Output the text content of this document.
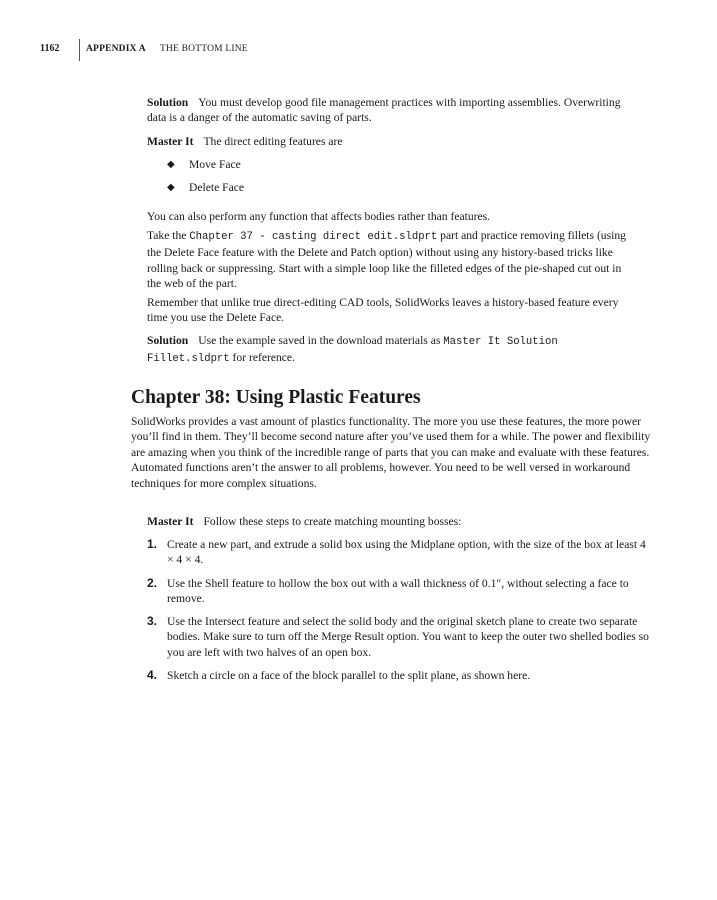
1162	APPENDIX A THE BOTTOM LINE

Solution You must develop good file management practices with importing assemblies. Overwriting data is a danger of the automatic saving of parts.

Master It The direct editing features are

◆ Move Face
◆ Delete Face

You can also perform any function that affects bodies rather than features.

Take the Chapter 37 - casting direct edit.sldprt part and practice removing fillets (using the Delete Face feature with the Delete and Patch option) without using any history-based tricks like rolling back or suppressing. Start with a simple loop like the filleted edges of the pie-shaped cut out in the web of the part.

Remember that unlike true direct-editing CAD tools, SolidWorks leaves a history-based feature every time you use the Delete Face.

Solution Use the example saved in the download materials as Master It Solution
Fillet.sldprt for reference.

Chapter 38: Using Plastic Features

SolidWorks provides a vast amount of plastics functionality. The more you use these features, the more power you’ll find in them. They’ll become second nature after you’ve used them for a while. The power and flexibility are amazing when you think of the incredible range of parts that you can make and evaluate with these features. Automated functions aren’t the answer to all problems, however. You need to be well versed in workaround techniques for more complex situations.

Master It Follow these steps to create matching mounting bosses:

1. Create a new part, and extrude a solid box using the Midplane option, with the size of the box at least 4 × 4 × 4.
2. Use the Shell feature to hollow the box out with a wall thickness of 0.1″, without selecting a face to remove.
3. Use the Intersect feature and select the solid body and the original sketch plane to create two separate bodies. Make sure to turn off the Merge Result option. You want to keep the outer two shelled bodies so you are left with two halves of an open box.
4. Sketch a circle on a face of the block parallel to the split plane, as shown here.
